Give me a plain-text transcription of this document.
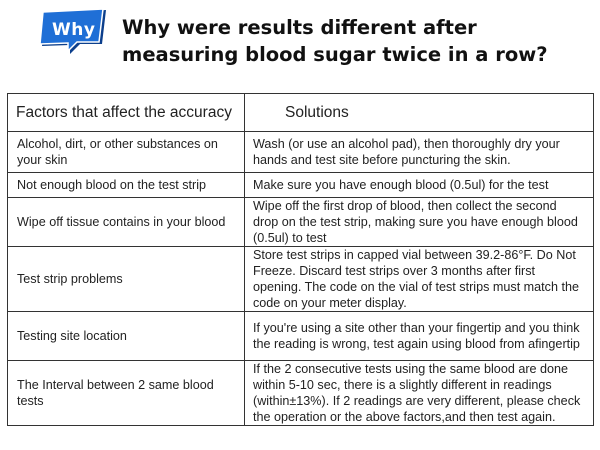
Why Why were results different after measuring blood sugar twice in a row?
Factors that affect the accuracy	Solutions
Alcohol, dirt, or other substances on your skin	Wash (or use an alcohol pad), then thoroughly dry your hands and test site before puncturing the skin.
Not enough blood on the test strip	Make sure you have enough blood (0.5ul) for the test
Wipe off tissue contains in your blood	Wipe off the first drop of blood, then collect the second drop on the test strip, making sure you have enough blood (0.5ul) to test
Test strip problems	Store test strips in capped vial between 39.2-86°F. Do Not Freeze. Discard test strips over 3 months after first opening. The code on the vial of test strips must match the code on your meter display.
Testing site location	If you're using a site other than your fingertip and you think the reading is wrong, test again using blood from afingertip
The Interval between 2 same blood tests	If the 2 consecutive tests using the same blood are done within 5-10 sec, there is a slightly different in readings (within±13%). If 2 readings are very different, please check the operation or the above factors,and then test again.
